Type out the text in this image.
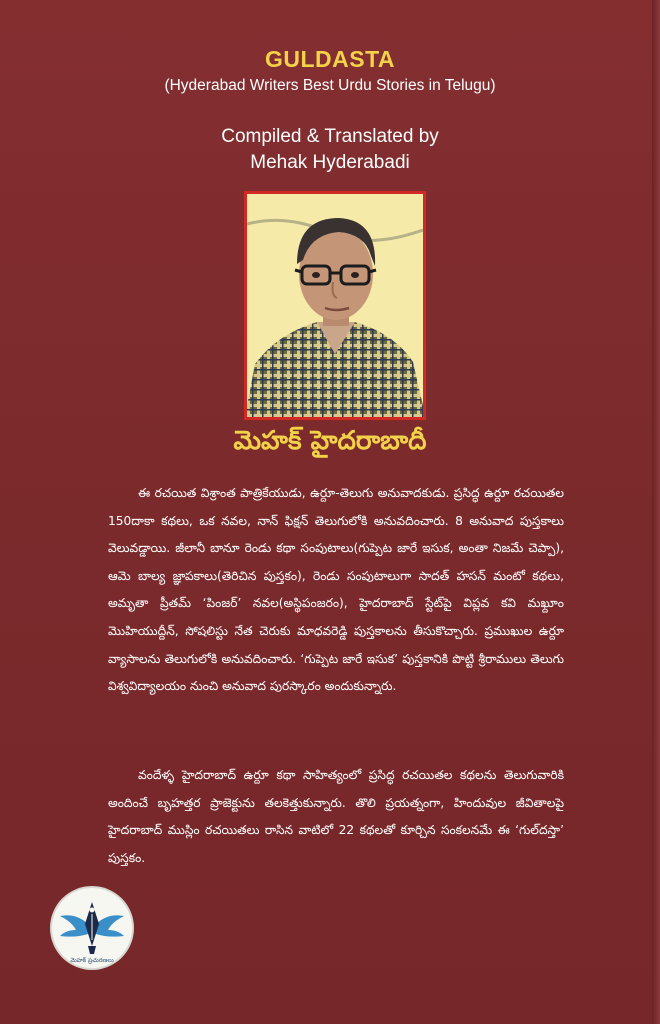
GULDASTA
(Hyderabad Writers Best Urdu Stories in Telugu)
Compiled & Translated by
Mehak Hyderabadi
మెహక్ హైదరాబాదీ

ఈ రచయిత విశ్రాంత పాత్రికేయుడు, ఉర్దూ-తెలుగు అనువాదకుడు. ప్రసిద్ధ ఉర్దూ రచయితల 150దాకా కథలు, ఒక నవల, నాన్ ఫిక్షన్ తెలుగులోకి అనువదించారు. 8 అనువాద పుస్తకాలు వెలువడ్డాయి. జీలానీ బానూ రెండు కథా సంపుటాలు(గుప్పెట జారే ఇసుక, అంతా నిజమే చెప్పా), ఆమె బాల్య జ్ఞాపకాలు(తెరిచిన పుస్తకం), రెండు సంపుటాలుగా సాదత్ హసన్ మంటో కథలు, అమృతా ప్రీతమ్ ‘పింజర్’ నవల(అస్థిపంజరం), హైదరాబాద్ స్టేట్‌పై విప్లవ కవి మఖ్దూం మొహియుద్దీన్, సోషలిస్టు నేత చెరుకు మాధవరెడ్డి పుస్తకాలను తీసుకొచ్చారు. ప్రముఖుల ఉర్దూ వ్యాసాలను తెలుగులోకి అనువదించారు. ‘గుప్పెట జారే ఇసుక’ పుస్తకానికి పొట్టి శ్రీరాములు తెలుగు విశ్వవిద్యాలయం నుంచి అనువాద పురస్కారం అందుకున్నారు.

వందేళ్ళ హైదరాబాద్ ఉర్దూ కథా సాహిత్యంలో ప్రసిద్ధ రచయితల కథలను తెలుగువారికి అందించే బృహత్తర ప్రాజెక్టును తలకెత్తుకున్నారు. తొలి ప్రయత్నంగా, హిందువుల జీవితాలపై హైదరాబాద్ ముస్లిం రచయితలు రాసిన వాటిలో 22 కథలతో కూర్చిన సంకలనమే ఈ ‘గుల్‌దస్తా’ పుస్తకం.

మెహక్ ప్రచురణలు
